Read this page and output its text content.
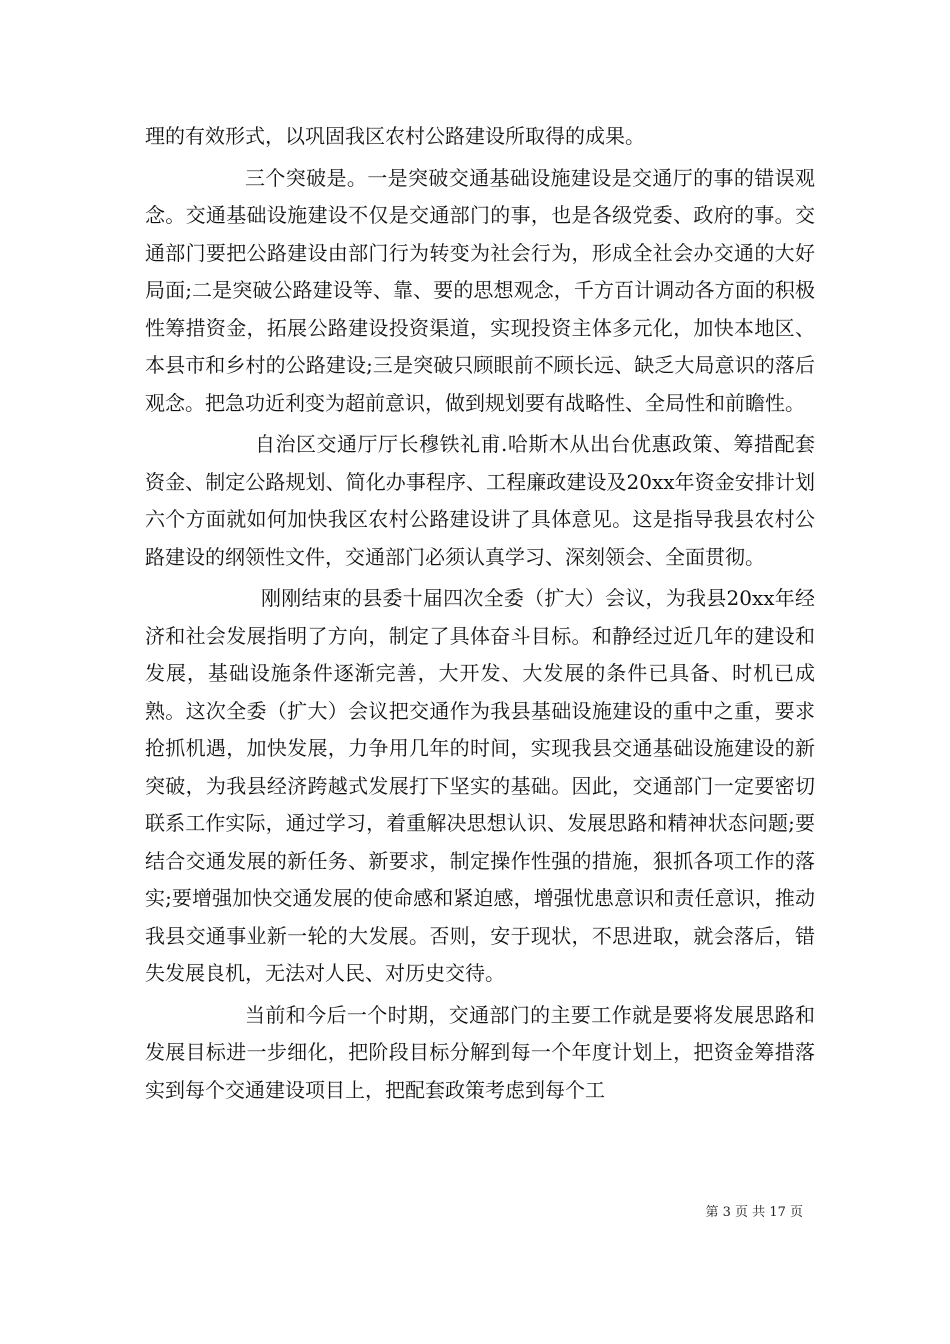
理的有效形式，以巩固我区农村公路建设所取得的成果。

三个突破是。一是突破交通基础设施建设是交通厅的事的错误观念。交通基础设施建设不仅是交通部门的事，也是各级党委、政府的事。交通部门要把公路建设由部门行为转变为社会行为，形成全社会办交通的大好局面;二是突破公路建设等、靠、要的思想观念，千方百计调动各方面的积极性筹措资金，拓展公路建设投资渠道，实现投资主体多元化，加快本地区、本县市和乡村的公路建设;三是突破只顾眼前不顾长远、缺乏大局意识的落后观念。把急功近利变为超前意识，做到规划要有战略性、全局性和前瞻性。

自治区交通厅厅长穆铁礼甫.哈斯木从出台优惠政策、筹措配套资金、制定公路规划、简化办事程序、工程廉政建设及20xx年资金安排计划六个方面就如何加快我区农村公路建设讲了具体意见。这是指导我县农村公路建设的纲领性文件，交通部门必须认真学习、深刻领会、全面贯彻。

刚刚结束的县委十届四次全委（扩大）会议，为我县20xx年经济和社会发展指明了方向，制定了具体奋斗目标。和静经过近几年的建设和发展，基础设施条件逐渐完善，大开发、大发展的条件已具备、时机已成熟。这次全委（扩大）会议把交通作为我县基础设施建设的重中之重，要求抢抓机遇，加快发展，力争用几年的时间，实现我县交通基础设施建设的新突破，为我县经济跨越式发展打下坚实的基础。因此，交通部门一定要密切联系工作实际，通过学习，着重解决思想认识、发展思路和精神状态问题;要结合交通发展的新任务、新要求，制定操作性强的措施，狠抓各项工作的落实;要增强加快交通发展的使命感和紧迫感，增强忧患意识和责任意识，推动我县交通事业新一轮的大发展。否则，安于现状，不思进取，就会落后，错失发展良机，无法对人民、对历史交待。

当前和今后一个时期，交通部门的主要工作就是要将发展思路和发展目标进一步细化，把阶段目标分解到每一个年度计划上，把资金筹措落实到每个交通建设项目上，把配套政策考虑到每个工

第 3 页 共 17 页
